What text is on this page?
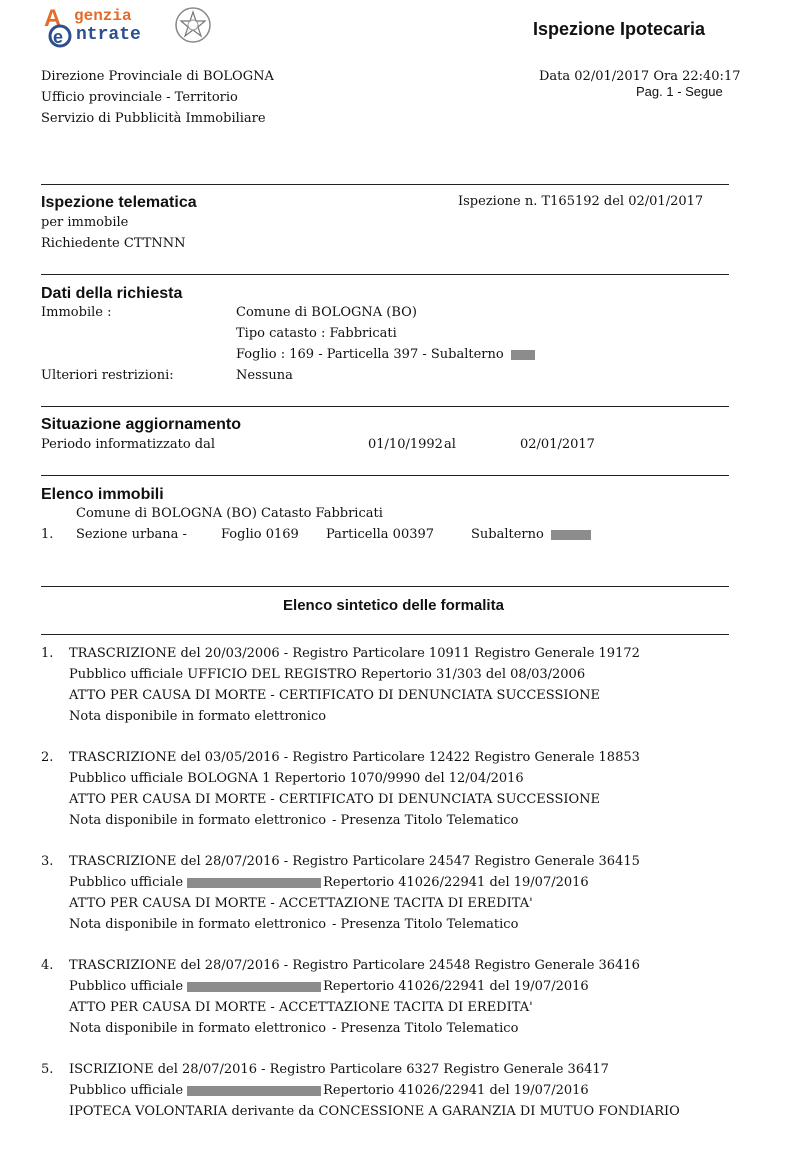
A
e
genzia
ntrate	Ispezione Ipotecaria
Direzione Provinciale di BOLOGNA
Ufficio provinciale - Territorio
Servizio di Pubblicità Immobiliare
Data 02/01/2017 Ora 22:40:17
Pag. 1 - Segue
Ispezione telematica
per immobile
Richiedente CTTNNN
Ispezione n. T165192 del 02/01/2017
Dati della richiesta
Immobile :	Comune di BOLOGNA (BO)
Tipo catasto : Fabbricati
Foglio : 169 - Particella 397 - Subalterno
Ulteriori restrizioni:	Nessuna
Situazione aggiornamento
Periodo informatizzato dal	01/10/1992 al	02/01/2017
Elenco immobili
Comune di BOLOGNA (BO) Catasto Fabbricati
1. Sezione urbana -	Foglio 0169 Particella 00397	Subalterno
Elenco sintetico delle formalita
1. TRASCRIZIONE del 20/03/2006 - Registro Particolare 10911 Registro Generale 19172
Pubblico ufficiale UFFICIO DEL REGISTRO Repertorio 31/303 del 08/03/2006
ATTO PER CAUSA DI MORTE - CERTIFICATO DI DENUNCIATA SUCCESSIONE
Nota disponibile in formato elettronico
2. TRASCRIZIONE del 03/05/2016 - Registro Particolare 12422 Registro Generale 18853
Pubblico ufficiale BOLOGNA 1 Repertorio 1070/9990 del 12/04/2016
ATTO PER CAUSA DI MORTE - CERTIFICATO DI DENUNCIATA SUCCESSIONE
Nota disponibile in formato elettronico - Presenza Titolo Telematico
3. TRASCRIZIONE del 28/07/2016 - Registro Particolare 24547 Registro Generale 36415
Pubblico ufficiale	Repertorio 41026/22941 del 19/07/2016
ATTO PER CAUSA DI MORTE - ACCETTAZIONE TACITA DI EREDITA'
Nota disponibile in formato elettronico - Presenza Titolo Telematico
4. TRASCRIZIONE del 28/07/2016 - Registro Particolare 24548 Registro Generale 36416
Pubblico ufficiale	Repertorio 41026/22941 del 19/07/2016
ATTO PER CAUSA DI MORTE - ACCETTAZIONE TACITA DI EREDITA'
Nota disponibile in formato elettronico - Presenza Titolo Telematico
5. ISCRIZIONE del 28/07/2016 - Registro Particolare 6327 Registro Generale 36417
Pubblico ufficiale	Repertorio 41026/22941 del 19/07/2016
IPOTECA VOLONTARIA derivante da CONCESSIONE A GARANZIA DI MUTUO FONDIARIO
